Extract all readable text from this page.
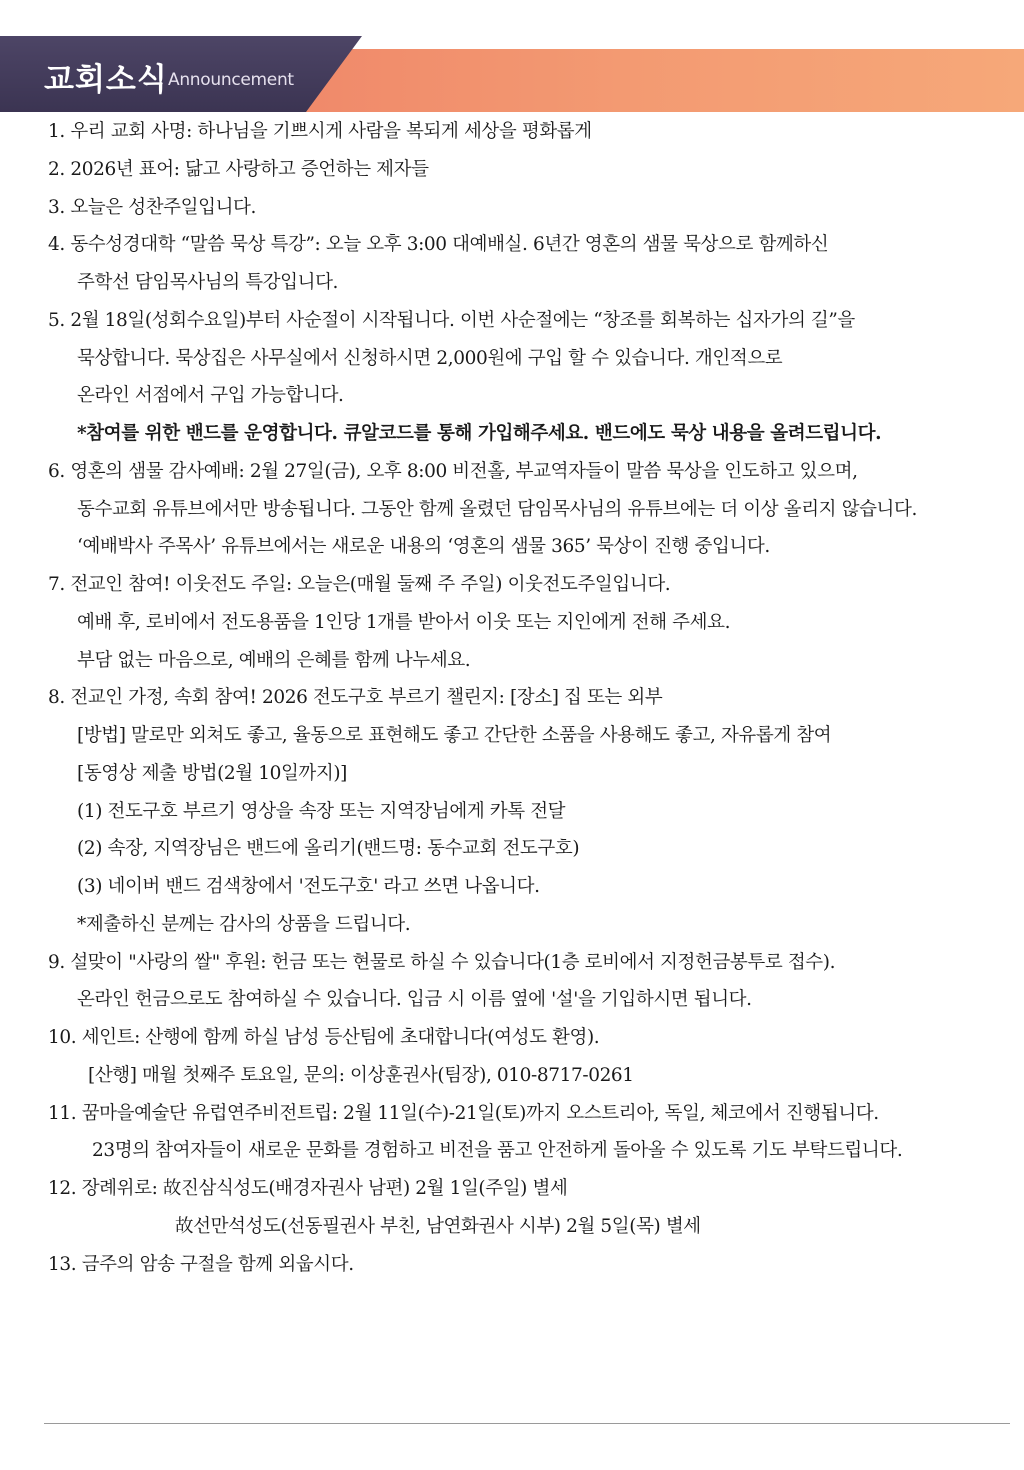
교회소식 Announcement
1. 우리 교회 사명: 하나님을 기쁘시게 사람을 복되게 세상을 평화롭게
2. 2026년 표어: 닮고 사랑하고 증언하는 제자들
3. 오늘은 성찬주일입니다.
4. 동수성경대학 “말씀 묵상 특강”: 오늘 오후 3:00 대예배실. 6년간 영혼의 샘물 묵상으로 함께하신
주학선 담임목사님의 특강입니다.
5. 2월 18일(성회수요일)부터 사순절이 시작됩니다. 이번 사순절에는 “창조를 회복하는 십자가의 길”을
묵상합니다. 묵상집은 사무실에서 신청하시면 2,000원에 구입 할 수 있습니다. 개인적으로
온라인 서점에서 구입 가능합니다.
*참여를 위한 밴드를 운영합니다. 큐알코드를 통해 가입해주세요. 밴드에도 묵상 내용을 올려드립니다.
6. 영혼의 샘물 감사예배: 2월 27일(금), 오후 8:00 비전홀, 부교역자들이 말씀 묵상을 인도하고 있으며,
동수교회 유튜브에서만 방송됩니다. 그동안 함께 올렸던 담임목사님의 유튜브에는 더 이상 올리지 않습니다.
‘예배박사 주목사’ 유튜브에서는 새로운 내용의 ‘영혼의 샘물 365’ 묵상이 진행 중입니다.
7. 전교인 참여! 이웃전도 주일: 오늘은(매월 둘째 주 주일) 이웃전도주일입니다.
예배 후, 로비에서 전도용품을 1인당 1개를 받아서 이웃 또는 지인에게 전해 주세요.
부담 없는 마음으로, 예배의 은혜를 함께 나누세요.
8. 전교인 가정, 속회 참여! 2026 전도구호 부르기 챌린지: [장소] 집 또는 외부
[방법] 말로만 외쳐도 좋고, 율동으로 표현해도 좋고 간단한 소품을 사용해도 좋고, 자유롭게 참여
[동영상 제출 방법(2월 10일까지)]
(1) 전도구호 부르기 영상을 속장 또는 지역장님에게 카톡 전달
(2) 속장, 지역장님은 밴드에 올리기(밴드명: 동수교회 전도구호)
(3) 네이버 밴드 검색창에서 '전도구호' 라고 쓰면 나옵니다.
*제출하신 분께는 감사의 상품을 드립니다.
9. 설맞이 "사랑의 쌀" 후원: 헌금 또는 현물로 하실 수 있습니다(1층 로비에서 지정헌금봉투로 접수).
온라인 헌금으로도 참여하실 수 있습니다. 입금 시 이름 옆에 '설'을 기입하시면 됩니다.
10. 세인트: 산행에 함께 하실 남성 등산팀에 초대합니다(여성도 환영).
[산행] 매월 첫째주 토요일, 문의: 이상훈권사(팀장), 010-8717-0261
11. 꿈마을예술단 유럽연주비전트립: 2월 11일(수)-21일(토)까지 오스트리아, 독일, 체코에서 진행됩니다.
23명의 참여자들이 새로운 문화를 경험하고 비전을 품고 안전하게 돌아올 수 있도록 기도 부탁드립니다.
12. 장례위로: 故진삼식성도(배경자권사 남편) 2월 1일(주일) 별세
故선만석성도(선동필권사 부친, 남연화권사 시부) 2월 5일(목) 별세
13. 금주의 암송 구절을 함께 외웁시다.
